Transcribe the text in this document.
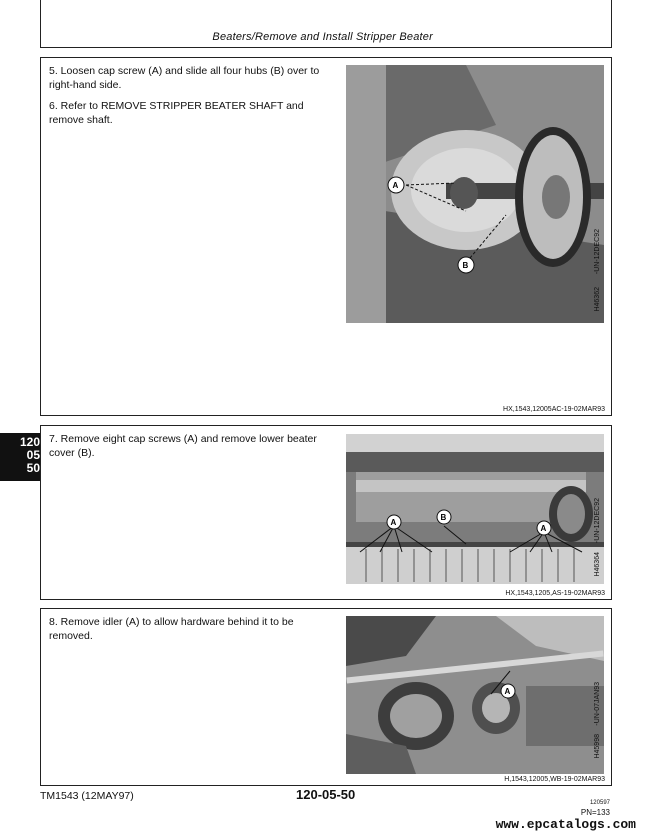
Beaters/Remove and Install Stripper Beater
120
05
50

5. Loosen cap screw (A) and slide all four hubs (B) over to right-hand side.

6. Refer to REMOVE STRIPPER BEATER SHAFT and remove shaft.

A
B	-UN-12DEC92
H46362
HX,1543,12005AC-19-02MAR93

7. Remove eight cap screws (A) and remove lower beater cover (B).

A
B
A	-UN-12DEC92
H46364
HX,1543,1205,AS-19-02MAR93

8. Remove idler (A) to allow hardware behind it to be removed.

A	-UN-07JAN93
H45998
H,1543,12005,WB-19-02MAR93
TM1543 (12MAY97)	120-05-50
120597
PN=133
www.epcatalogs.com
